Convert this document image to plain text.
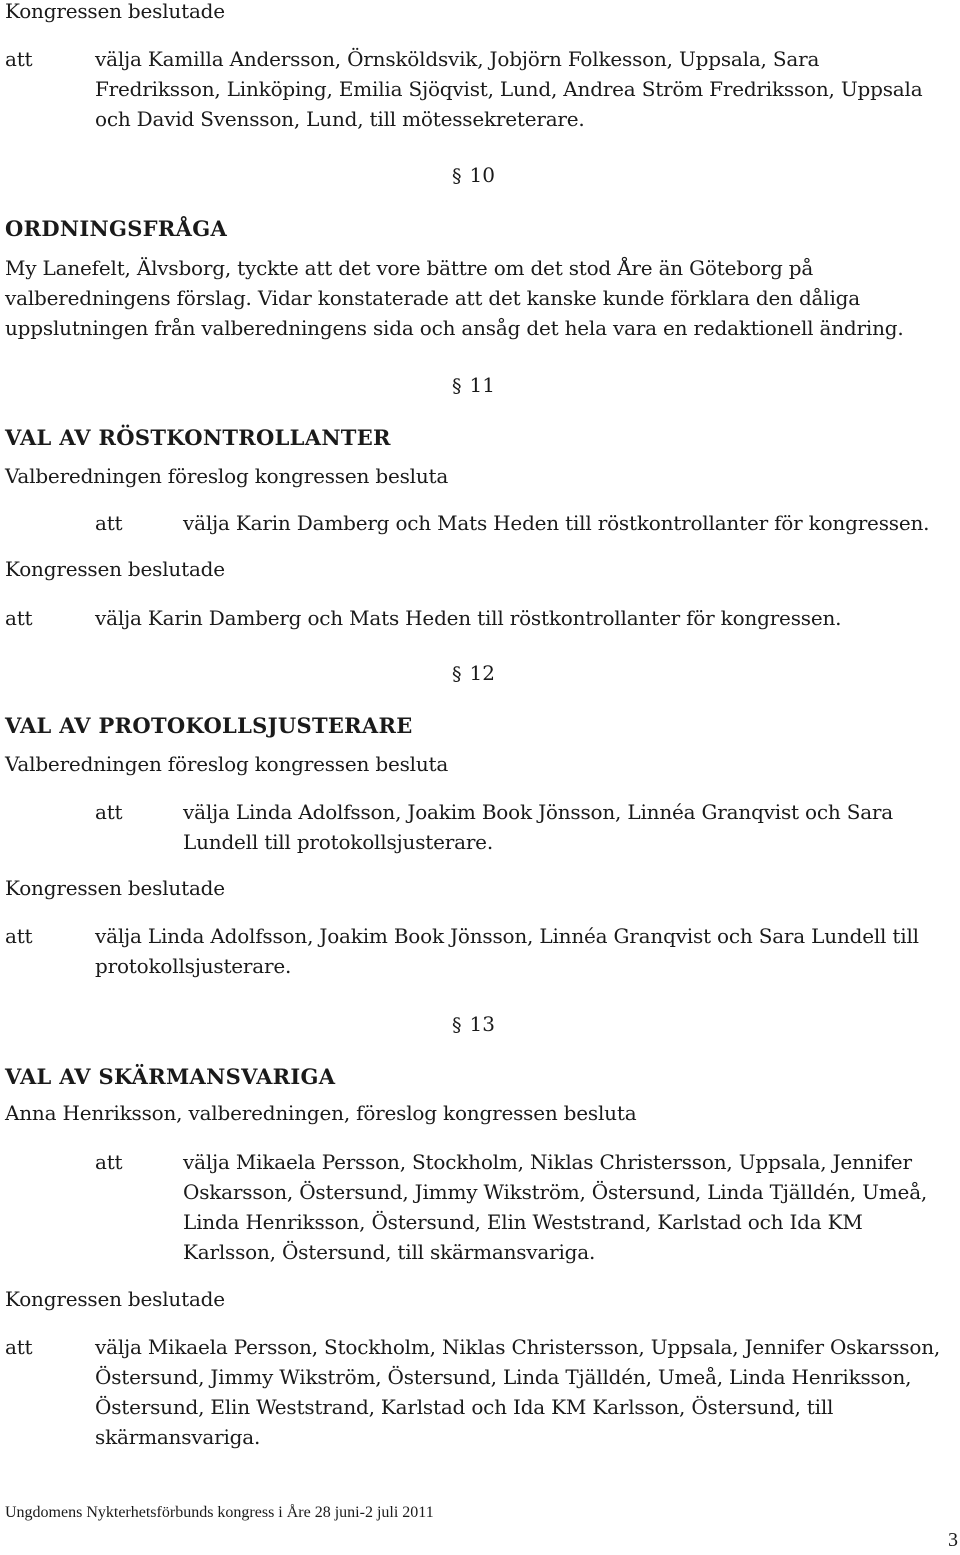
Kongressen beslutade
att	välja Kamilla Andersson, Örnsköldsvik, Jobjörn Folkesson, Uppsala, Sara
Fredriksson, Linköping, Emilia Sjöqvist, Lund, Andrea Ström Fredriksson, Uppsala
och David Svensson, Lund, till mötessekreterare.
§ 10
ORDNINGSFRÅGA
My Lanefelt, Älvsborg, tyckte att det vore bättre om det stod Åre än Göteborg på
valberedningens förslag. Vidar konstaterade att det kanske kunde förklara den dåliga
uppslutningen från valberedningens sida och ansåg det hela vara en redaktionell ändring.
§ 11
VAL AV RÖSTKONTROLLANTER
Valberedningen föreslog kongressen besluta
att	välja Karin Damberg och Mats Heden till röstkontrollanter för kongressen.
Kongressen beslutade
att	välja Karin Damberg och Mats Heden till röstkontrollanter för kongressen.
§ 12
VAL AV PROTOKOLLSJUSTERARE
Valberedningen föreslog kongressen besluta
att	välja Linda Adolfsson, Joakim Book Jönsson, Linnéa Granqvist och Sara
Lundell till protokollsjusterare.
Kongressen beslutade
att	välja Linda Adolfsson, Joakim Book Jönsson, Linnéa Granqvist och Sara Lundell till
protokollsjusterare.
§ 13
VAL AV SKÄRMANSVARIGA
Anna Henriksson, valberedningen, föreslog kongressen besluta
att	välja Mikaela Persson, Stockholm, Niklas Christersson, Uppsala, Jennifer
Oskarsson, Östersund, Jimmy Wikström, Östersund, Linda Tjälldén, Umeå,
Linda Henriksson, Östersund, Elin Weststrand, Karlstad och Ida KM
Karlsson, Östersund, till skärmansvariga.
Kongressen beslutade
att	välja Mikaela Persson, Stockholm, Niklas Christersson, Uppsala, Jennifer Oskarsson,
Östersund, Jimmy Wikström, Östersund, Linda Tjälldén, Umeå, Linda Henriksson,
Östersund, Elin Weststrand, Karlstad och Ida KM Karlsson, Östersund, till
skärmansvariga.
Ungdomens Nykterhetsförbunds kongress i Åre 28 juni-2 juli 2011
3
